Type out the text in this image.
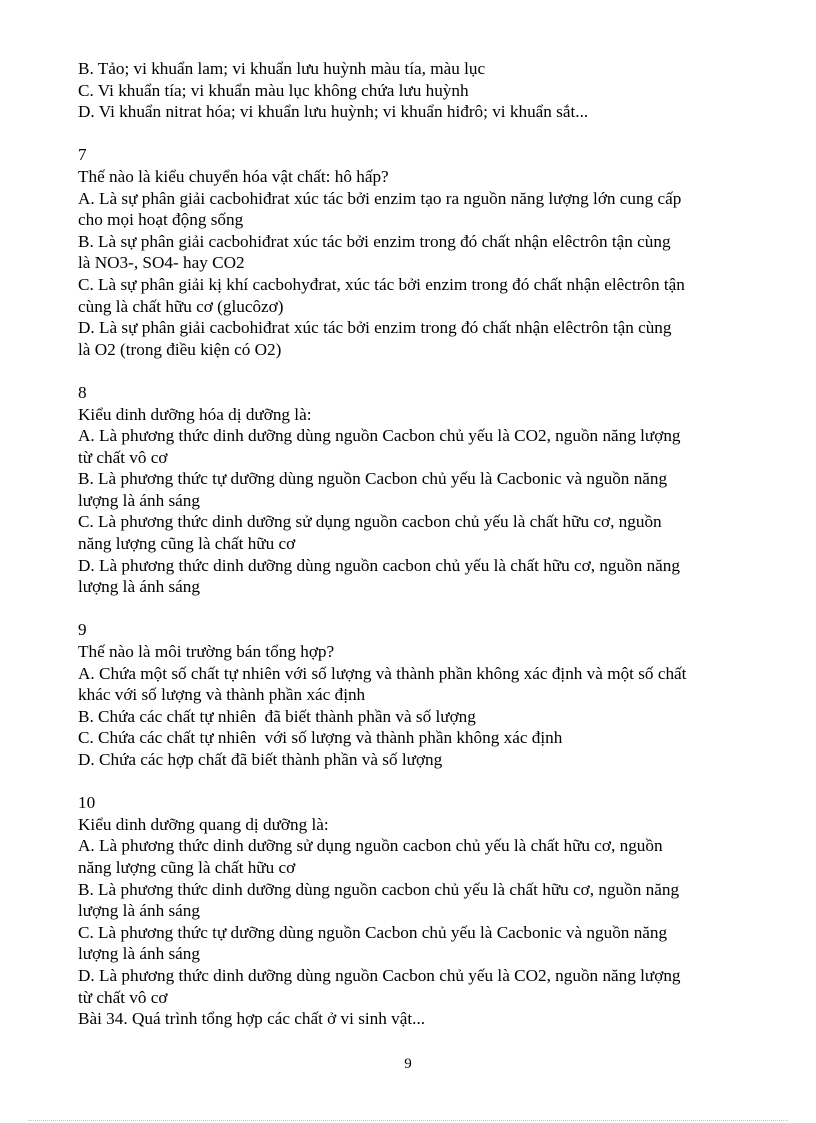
B. Tảo; vi khuẩn lam; vi khuẩn lưu huỳnh màu tía, màu lục
C. Vi khuẩn tía; vi khuẩn màu lục không chứa lưu huỳnh
D. Vi khuẩn nitrat hóa; vi khuẩn lưu huỳnh; vi khuẩn hiđrô; vi khuẩn sắt...
7
Thế nào là kiểu chuyển hóa vật chất: hô hấp?
A. Là sự phân giải cacbohiđrat xúc tác bởi enzim tạo ra nguồn năng lượng lớn cung cấp
cho mọi hoạt động sống
B. Là sự phân giải cacbohiđrat xúc tác bởi enzim trong đó chất nhận elêctrôn tận cùng
là NO3-, SO4- hay CO2
C. Là sự phân giải kị khí cacbohyđrat, xúc tác bởi enzim trong đó chất nhận elêctrôn tận
cùng là chất hữu cơ (glucôzơ)
D. Là sự phân giải cacbohiđrat xúc tác bởi enzim trong đó chất nhận elêctrôn tận cùng
là O2 (trong điều kiện có O2)
8
Kiểu dinh dưỡng hóa dị dưỡng là:
A. Là phương thức dinh dưỡng dùng nguồn Cacbon chủ yếu là CO2, nguồn năng lượng
từ chất vô cơ
B. Là phương thức tự dưỡng dùng nguồn Cacbon chủ yếu là Cacbonic và nguồn năng
lượng là ánh sáng
C. Là phương thức dinh dưỡng sử dụng nguồn cacbon chủ yếu là chất hữu cơ, nguồn
năng lượng cũng là chất hữu cơ
D. Là phương thức dinh dưỡng dùng nguồn cacbon chủ yếu là chất hữu cơ, nguồn năng
lượng là ánh sáng
9
Thế nào là môi trường bán tổng hợp?
A. Chứa một số chất tự nhiên với số lượng và thành phần không xác định và một số chất
khác với số lượng và thành phần xác định
B. Chứa các chất tự nhiên  đã biết thành phần và số lượng
C. Chứa các chất tự nhiên  với số lượng và thành phần không xác định
D. Chứa các hợp chất đã biết thành phần và số lượng
10
Kiểu dinh dưỡng quang dị dưỡng là:
A. Là phương thức dinh dưỡng sử dụng nguồn cacbon chủ yếu là chất hữu cơ, nguồn
năng lượng cũng là chất hữu cơ
B. Là phương thức dinh dưỡng dùng nguồn cacbon chủ yếu là chất hữu cơ, nguồn năng
lượng là ánh sáng
C. Là phương thức tự dưỡng dùng nguồn Cacbon chủ yếu là Cacbonic và nguồn năng
lượng là ánh sáng
D. Là phương thức dinh dưỡng dùng nguồn Cacbon chủ yếu là CO2, nguồn năng lượng
từ chất vô cơ
Bài 34. Quá trình tổng hợp các chất ở vi sinh vật...
9
